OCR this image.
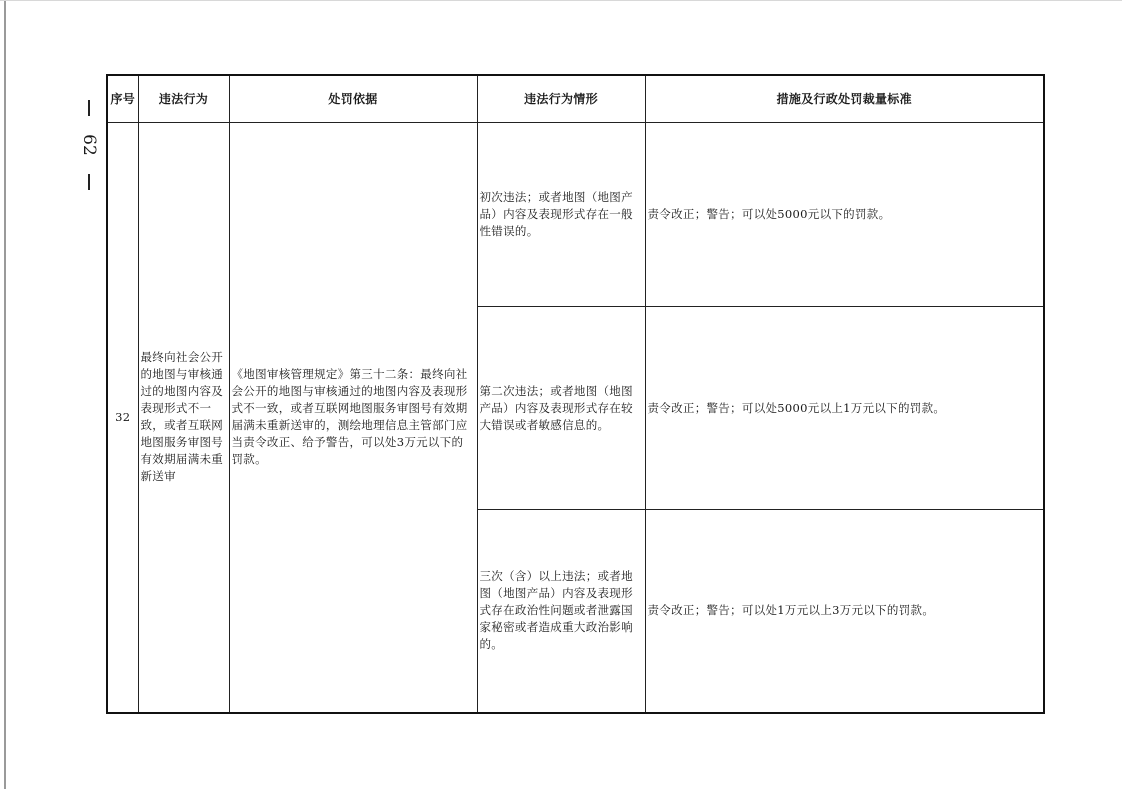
62
序号	违法行为	处罚依据	违法行为情形	措施及行政处罚裁量标准
32	最终向社会公开的地图与审核通过的地图内容及表现形式不一致，或者互联网地图服务审图号有效期届满未重新送审	《地图审核管理规定》第三十二条：最终向社会公开的地图与审核通过的地图内容及表现形式不一致，或者互联网地图服务审图号有效期届满未重新送审的，测绘地理信息主管部门应当责令改正、给予警告，可以处3万元以下的罚款。	初次违法；或者地图（地图产品）内容及表现形式存在一般性错误的。	责令改正；警告；可以处5000元以下的罚款。
			第二次违法；或者地图（地图产品）内容及表现形式存在较大错误或者敏感信息的。	责令改正；警告；可以处5000元以上1万元以下的罚款。
			三次（含）以上违法；或者地图（地图产品）内容及表现形式存在政治性问题或者泄露国家秘密或者造成重大政治影响的。	责令改正；警告；可以处1万元以上3万元以下的罚款。
